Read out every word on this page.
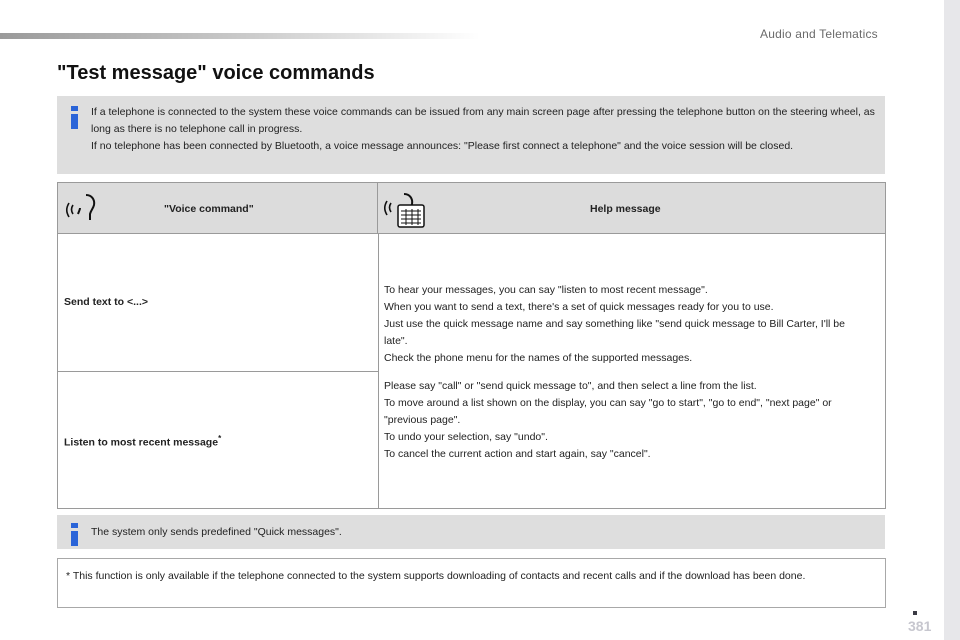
Audio and Telematics
"Test message" voice commands

If a telephone is connected to the system these voice commands can be issued from any main screen page after pressing the telephone button on the steering wheel, as long as there is no telephone call in progress.

If no telephone has been connected by Bluetooth, a voice message announces: "Please first connect a telephone" and the voice session will be closed.

"Voice command"	Help message
Send text to <...>
Listen to most recent message*

To hear your messages, you can say "listen to most recent message".

When you want to send a text, there's a set of quick messages ready for you to use.

Just use the quick message name and say something like "send quick message to Bill Carter, I'll be late".

Check the phone menu for the names of the supported messages.

Please say "call" or "send quick message to", and then select a line from the list.

To move around a list shown on the display, you can say "go to start", "go to end", "next page" or "previous page".

To undo your selection, say "undo".

To cancel the current action and start again, say "cancel".

The system only sends predefined "Quick messages".

* This function is only available if the telephone connected to the system supports downloading of contacts and recent calls and if the download has been done.

381
